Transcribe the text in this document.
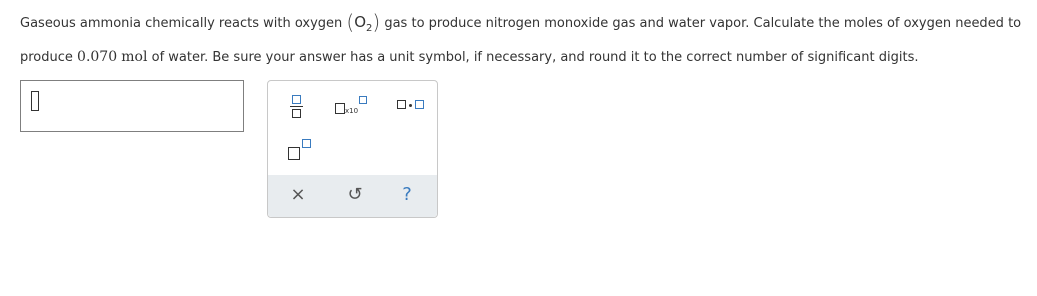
Gaseous ammonia chemically reacts with oxygen $(O_2)$ gas to produce nitrogen monoxide gas and water vapor. Calculate the moles of oxygen needed to
produce 0.070 mol of water. Be sure your answer has a unit symbol, if necessary, and round it to the correct number of significant digits.
x10
× ↺	?
